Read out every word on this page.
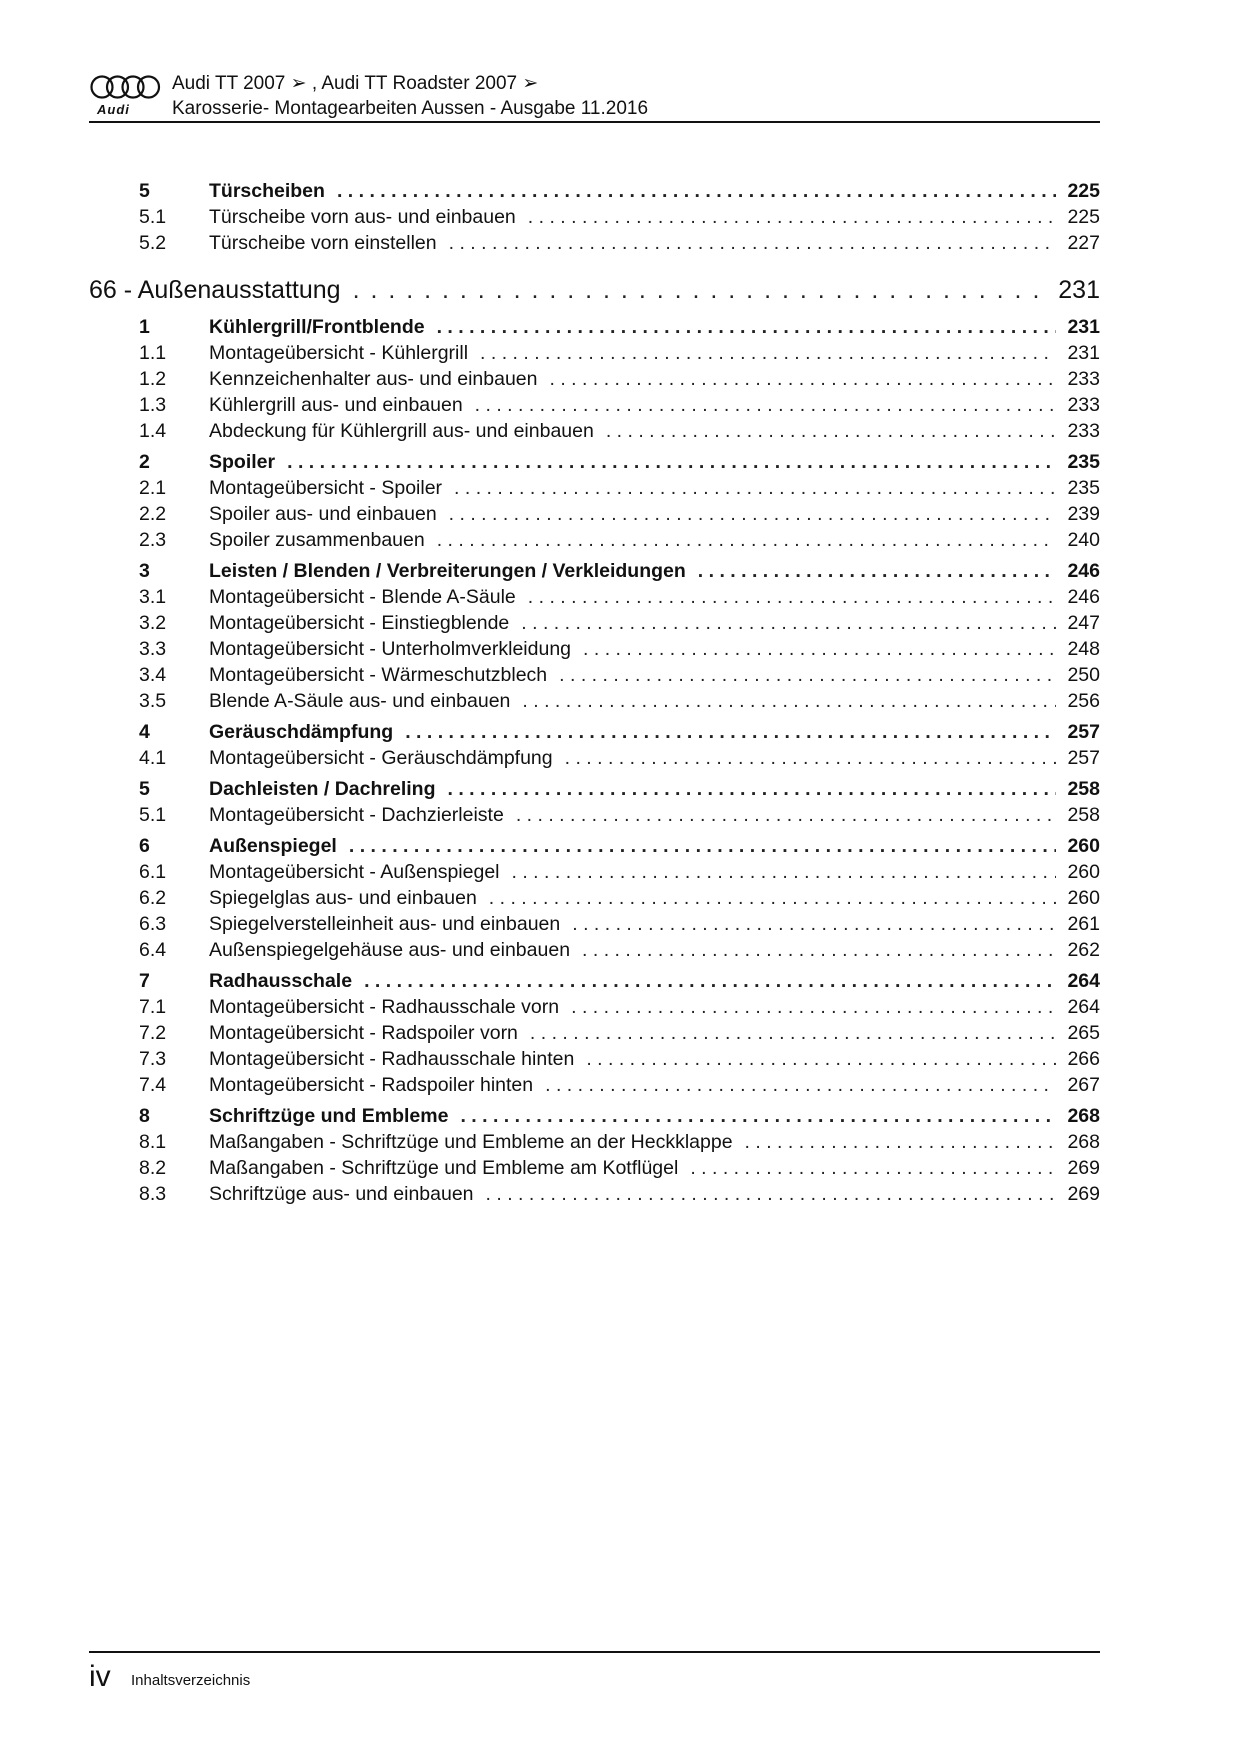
Audi
Audi TT 2007 ➢ , Audi TT Roadster 2007 ➢
Karosserie- Montagearbeiten Aussen - Ausgabe 11.2016
5	Türscheiben . . .	225
5.1	Türscheibe vorn aus- und einbauen . . .	225
5.2	Türscheibe vorn einstellen . . .	227
66 - Außenausstattung . . .	231
1	Kühlergrill/Frontblende . . .	231
1.1	Montageübersicht - Kühlergrill . . .	231
1.2	Kennzeichenhalter aus- und einbauen . . .	233
1.3	Kühlergrill aus- und einbauen . . .	233
1.4	Abdeckung für Kühlergrill aus- und einbauen . . .	233
2	Spoiler . . .	235
2.1	Montageübersicht - Spoiler . . .	235
2.2	Spoiler aus- und einbauen . . .	239
2.3	Spoiler zusammenbauen . . .	240
3	Leisten / Blenden / Verbreiterungen / Verkleidungen . . .	246
3.1	Montageübersicht - Blende A-Säule . . .	246
3.2	Montageübersicht - Einstiegblende . . .	247
3.3	Montageübersicht - Unterholmverkleidung . . .	248
3.4	Montageübersicht - Wärmeschutzblech . . .	250
3.5	Blende A-Säule aus- und einbauen . . .	256
4	Geräuschdämpfung . . .	257
4.1	Montageübersicht - Geräuschdämpfung . . .	257
5	Dachleisten / Dachreling . . .	258
5.1	Montageübersicht - Dachzierleiste . . .	258
6	Außenspiegel . . .	260
6.1	Montageübersicht - Außenspiegel . . .	260
6.2	Spiegelglas aus- und einbauen . . .	260
6.3	Spiegelverstelleinheit aus- und einbauen . . .	261
6.4	Außenspiegelgehäuse aus- und einbauen . . .	262
7	Radhausschale . . .	264
7.1	Montageübersicht - Radhausschale vorn . . .	264
7.2	Montageübersicht - Radspoiler vorn . . .	265
7.3	Montageübersicht - Radhausschale hinten . . .	266
7.4	Montageübersicht - Radspoiler hinten . . .	267
8	Schriftzüge und Embleme . . .	268
8.1	Maßangaben - Schriftzüge und Embleme an der Heckklappe . . .	268
8.2	Maßangaben - Schriftzüge und Embleme am Kotflügel . . .	269
8.3	Schriftzüge aus- und einbauen . . .	269
iv Inhaltsverzeichnis
